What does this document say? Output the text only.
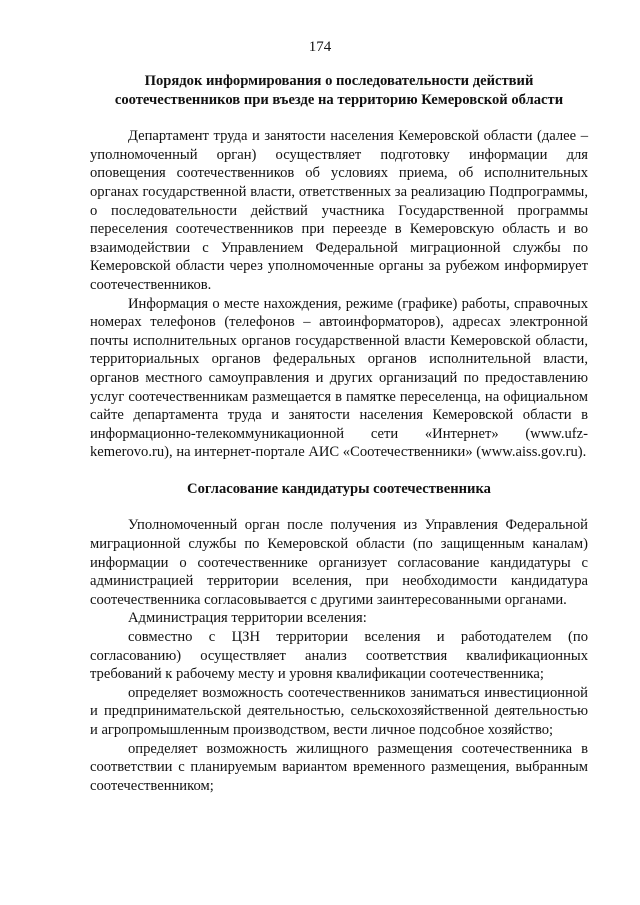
174
Порядок информирования о последовательности действий
соотечественников при въезде на территорию Кемеровской области

Департамент труда и занятости населения Кемеровской области (далее – уполномоченный орган) осуществляет подготовку информации для оповещения соотечественников об условиях приема, об исполнительных органах государственной власти, ответственных за реализацию Подпрограммы, о последовательности действий участника Государственной программы переселения соотечественников при переезде в Кемеровскую область и во взаимодействии с Управлением Федеральной миграционной службы по Кемеровской области через уполномоченные органы за рубежом информирует соотечественников.

Информация о месте нахождения, режиме (графике) работы, справочных номерах телефонов (телефонов – автоинформаторов), адресах электронной почты исполнительных органов государственной власти Кемеровской области, территориальных органов федеральных органов исполнительной власти, органов местного самоуправления и других организаций по предоставлению услуг соотечественникам размещается в памятке переселенца, на официальном сайте департамента труда и занятости населения Кемеровской области в информационно-телекоммуникационной сети «Интернет» (www.ufz-kemerovo.ru), на интернет-портале АИС «Соотечественники» (www.aiss.gov.ru).

Согласование кандидатуры соотечественника

Уполномоченный орган после получения из Управления Федеральной миграционной службы по Кемеровской области (по защищенным каналам) информации о соотечественнике организует согласование кандидатуры с администрацией территории вселения, при необходимости кандидатура соотечественника согласовывается с другими заинтересованными органами.

Администрация территории вселения:

совместно с ЦЗН территории вселения и работодателем (по согласованию) осуществляет анализ соответствия квалификационных требований к рабочему месту и уровня квалификации соотечественника;

определяет возможность соотечественников заниматься инвестиционной и предпринимательской деятельностью, сельскохозяйственной деятельностью и агропромышленным производством, вести личное подсобное хозяйство;

определяет возможность жилищного размещения соотечественника в соответствии с планируемым вариантом временного размещения, выбранным соотечественником;
